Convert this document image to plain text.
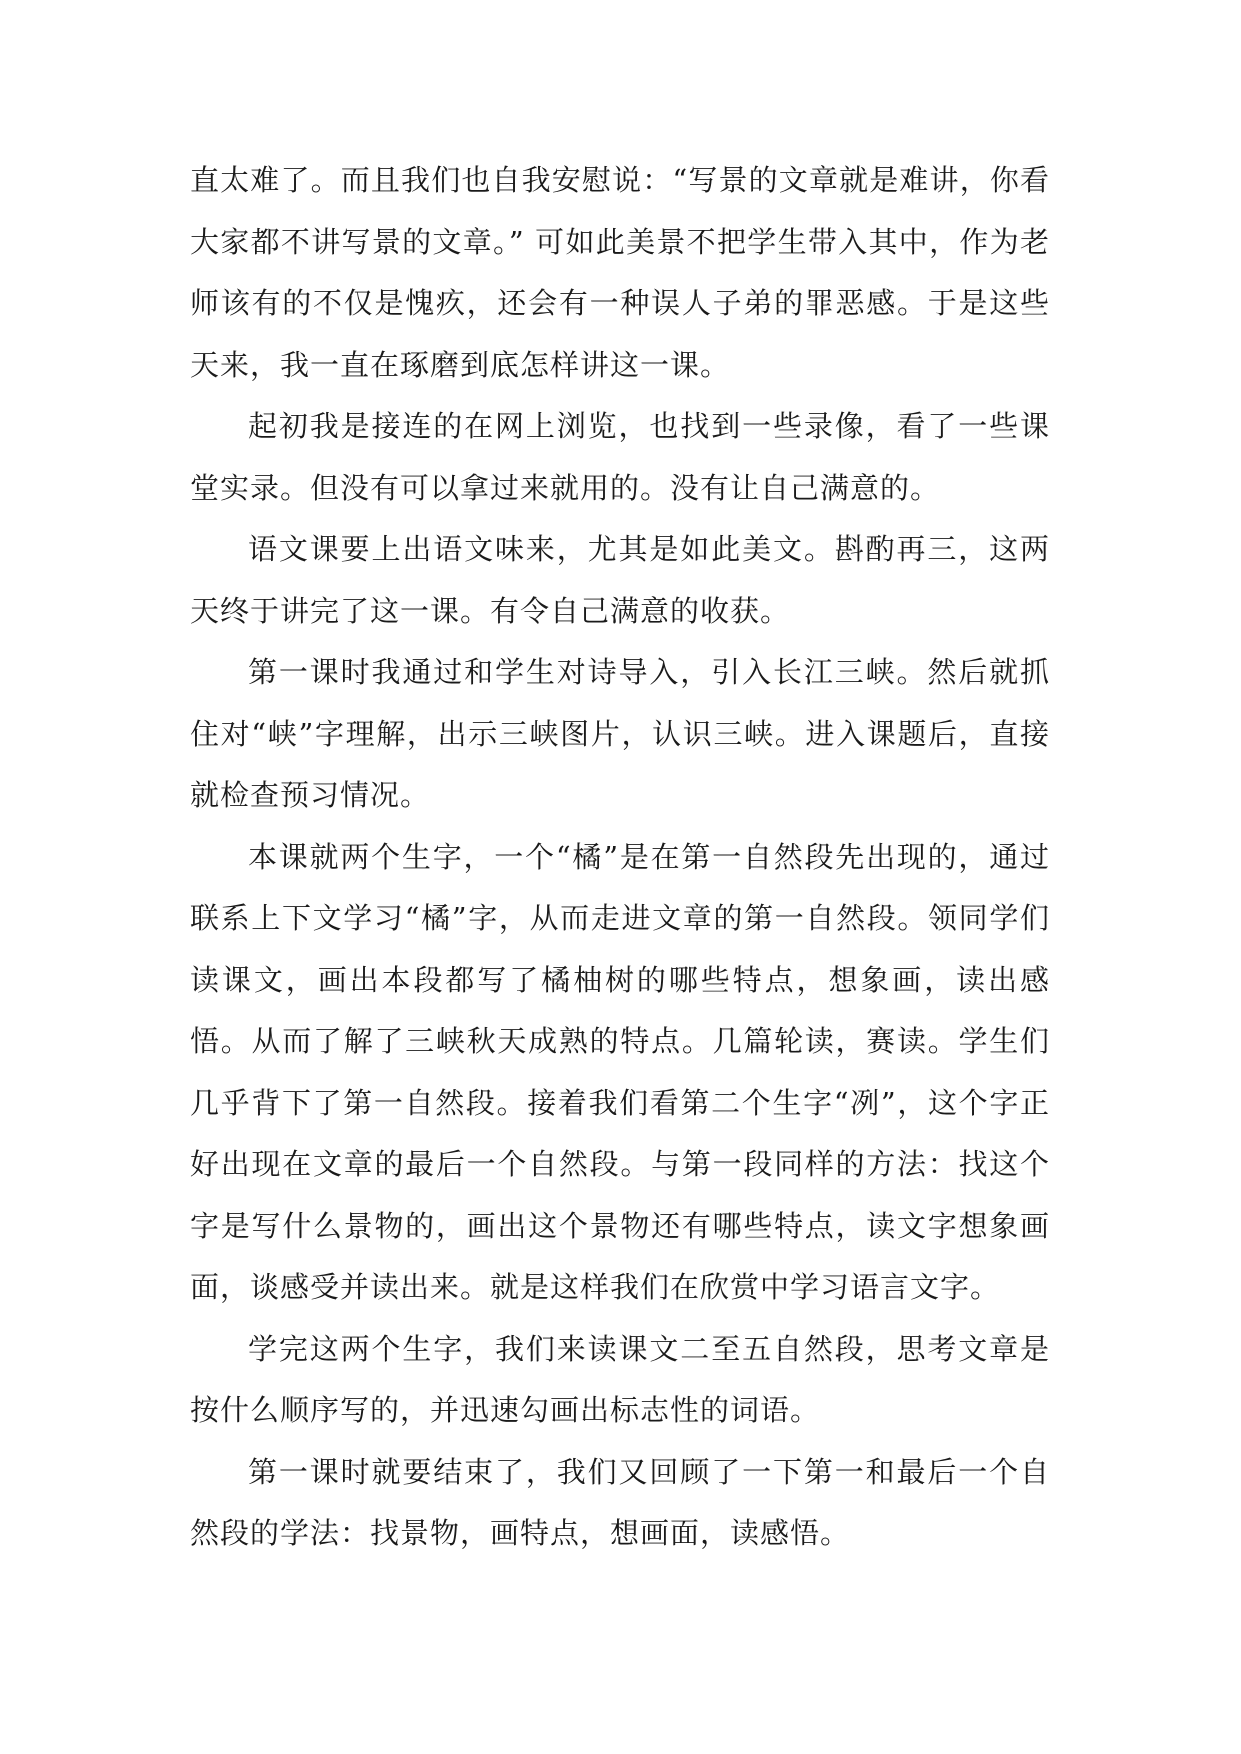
直太难了。而且我们也自我安慰说：“写景的文章就是难讲，你看大家都不讲写景的文章。” 可如此美景不把学生带入其中，作为老师该有的不仅是愧疚，还会有一种误人子弟的罪恶感。于是这些天来，我一直在琢磨到底怎样讲这一课。

起初我是接连的在网上浏览，也找到一些录像，看了一些课堂实录。但没有可以拿过来就用的。没有让自己满意的。

语文课要上出语文味来，尤其是如此美文。斟酌再三，这两天终于讲完了这一课。有令自己满意的收获。

第一课时我通过和学生对诗导入，引入长江三峡。然后就抓住对“峡”字理解，出示三峡图片，认识三峡。进入课题后，直接就检查预习情况。

本课就两个生字，一个“橘”是在第一自然段先出现的，通过联系上下文学习“橘”字，从而走进文章的第一自然段。领同学们读课文，画出本段都写了橘柚树的哪些特点，想象画，读出感悟。从而了解了三峡秋天成熟的特点。几篇轮读，赛读。学生们几乎背下了第一自然段。接着我们看第二个生字“冽”，这个字正好出现在文章的最后一个自然段。与第一段同样的方法：找这个字是写什么景物的，画出这个景物还有哪些特点，读文字想象画面，谈感受并读出来。就是这样我们在欣赏中学习语言文字。

学完这两个生字，我们来读课文二至五自然段，思考文章是按什么顺序写的，并迅速勾画出标志性的词语。

第一课时就要结束了，我们又回顾了一下第一和最后一个自然段的学法：找景物，画特点，想画面，读感悟。
